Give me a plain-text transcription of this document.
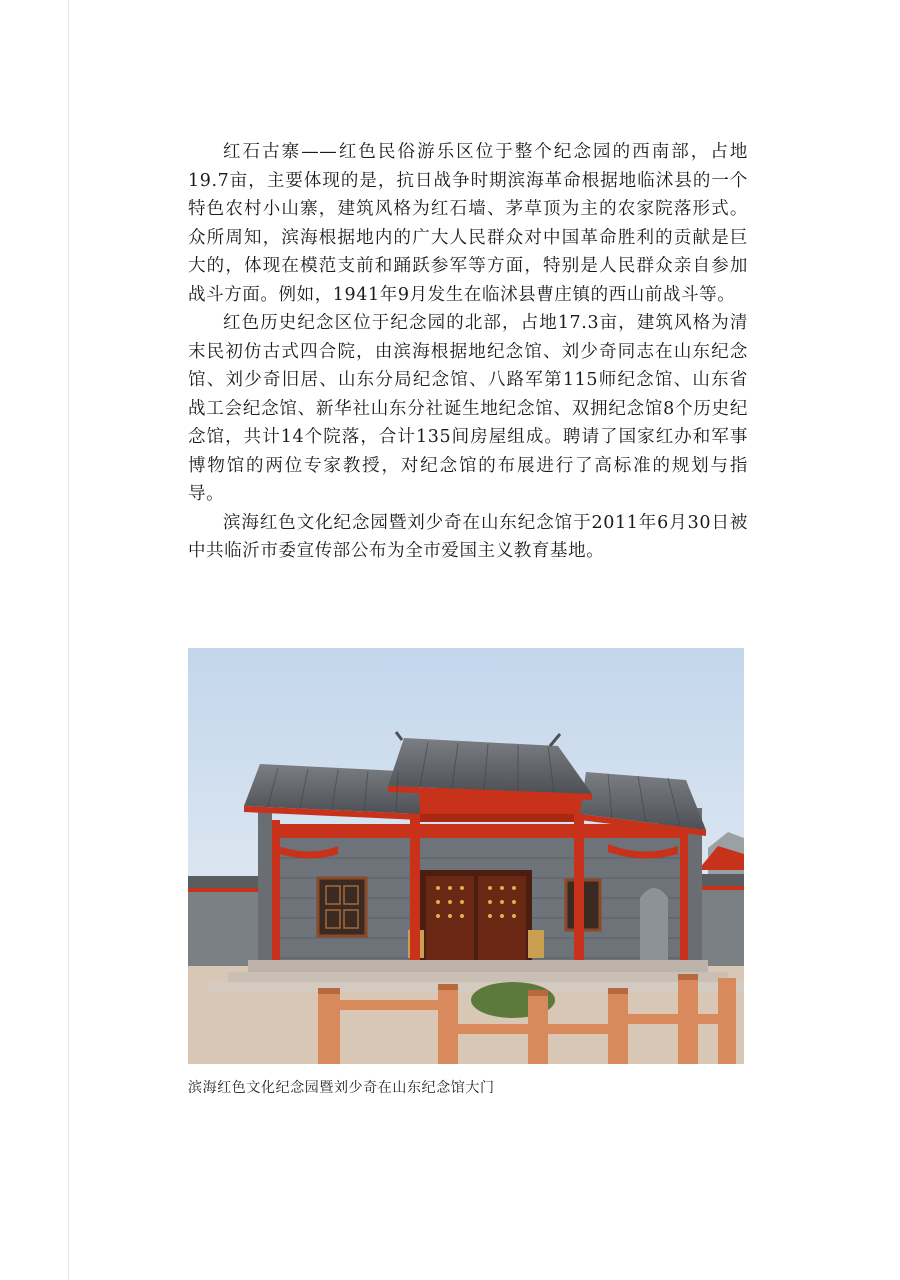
红石古寨——红色民俗游乐区位于整个纪念园的西南部，占地19.7亩，主要体现的是，抗日战争时期滨海革命根据地临沭县的一个特色农村小山寨，建筑风格为红石墙、茅草顶为主的农家院落形式。众所周知，滨海根据地内的广大人民群众对中国革命胜利的贡献是巨大的，体现在模范支前和踊跃参军等方面，特别是人民群众亲自参加战斗方面。例如，1941年9月发生在临沭县曹庄镇的西山前战斗等。

红色历史纪念区位于纪念园的北部，占地17.3亩，建筑风格为清末民初仿古式四合院，由滨海根据地纪念馆、刘少奇同志在山东纪念馆、刘少奇旧居、山东分局纪念馆、八路军第115师纪念馆、山东省战工会纪念馆、新华社山东分社诞生地纪念馆、双拥纪念馆8个历史纪念馆，共计14个院落，合计135间房屋组成。聘请了国家红办和军事博物馆的两位专家教授，对纪念馆的布展进行了高标准的规划与指导。

滨海红色文化纪念园暨刘少奇在山东纪念馆于2011年6月30日被中共临沂市委宣传部公布为全市爱国主义教育基地。

滨海红色文化纪念园暨刘少奇在山东纪念馆大门
